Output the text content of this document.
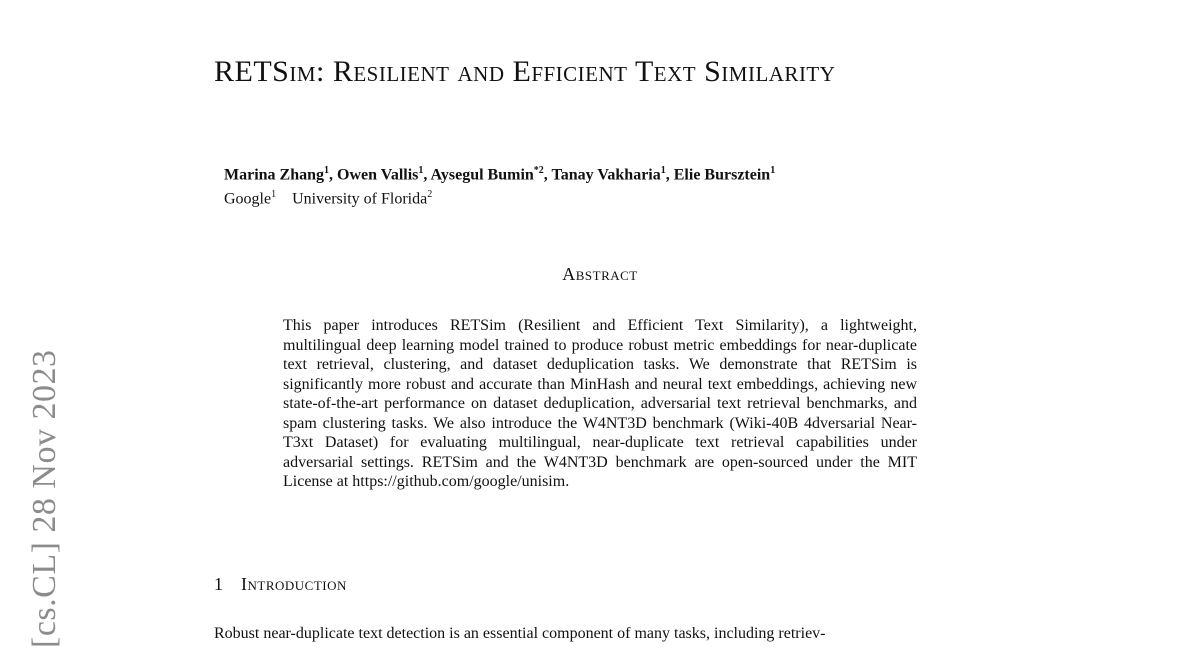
[cs.CL] 28 Nov 2023
RETSim: Resilient and Efficient Text Similarity
Marina Zhang$^1$, Owen Vallis$^1$, Aysegul Bumin$^{*2}$, Tanay Vakharia$^1$, Elie Bursztein$^1$
Google$^1$ University of Florida$^2$
Abstract

This paper introduces RETSim (Resilient and Efficient Text Similarity), a lightweight, multilingual deep learning model trained to produce robust metric embeddings for near-duplicate text retrieval, clustering, and dataset deduplication tasks. We demonstrate that RETSim is significantly more robust and accurate than MinHash and neural text embeddings, achieving new state-of-the-art performance on dataset deduplication, adversarial text retrieval benchmarks, and spam clustering tasks. We also introduce the W4NT3D benchmark (Wiki-40B 4dversarial Near-T3xt Dataset) for evaluating multilingual, near-duplicate text retrieval capabilities under adversarial settings. RETSim and the W4NT3D benchmark are open-sourced under the MIT License at https://github.com/google/unisim.

1 Introduction

Robust near-duplicate text detection is an essential component of many tasks, including retriev-
